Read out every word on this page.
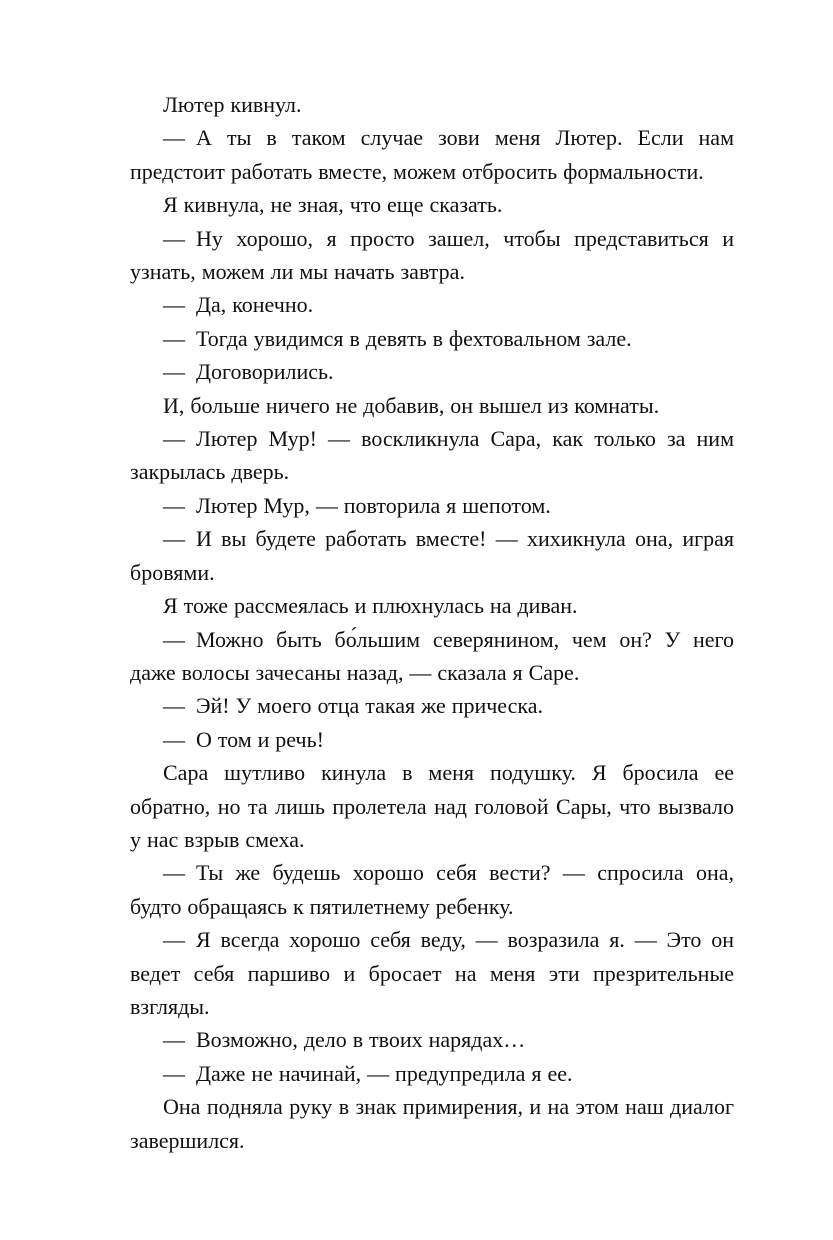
Лютер кивнул.

— А ты в таком случае зови меня Лютер. Если нам предстоит работать вместе, можем отбросить формальности.

Я кивнула, не зная, что еще сказать.

— Ну хорошо, я просто зашел, чтобы представиться и узнать, можем ли мы начать завтра.

— Да, конечно.

— Тогда увидимся в девять в фехтовальном зале.

— Договорились.

И, больше ничего не добавив, он вышел из комнаты.

— Лютер Мур! — воскликнула Сара, как только за ним закрылась дверь.

— Лютер Мур, — повторила я шепотом.

— И вы будете работать вместе! — хихикнула она, играя бровями.

Я тоже рассмеялась и плюхнулась на диван.

— Можно быть бо́льшим северянином, чем он? У него даже волосы зачесаны назад, — сказала я Саре.

— Эй! У моего отца такая же прическа.

— О том и речь!

Сара шутливо кинула в меня подушку. Я бросила ее обратно, но та лишь пролетела над головой Сары, что вызвало у нас взрыв смеха.

— Ты же будешь хорошо себя вести? — спросила она, будто обращаясь к пятилетнему ребенку.

— Я всегда хорошо себя веду, — возразила я. — Это он ведет себя паршиво и бросает на меня эти презрительные взгляды.

— Возможно, дело в твоих нарядах…

— Даже не начинай, — предупредила я ее.

Она подняла руку в знак примирения, и на этом наш диалог завершился.
